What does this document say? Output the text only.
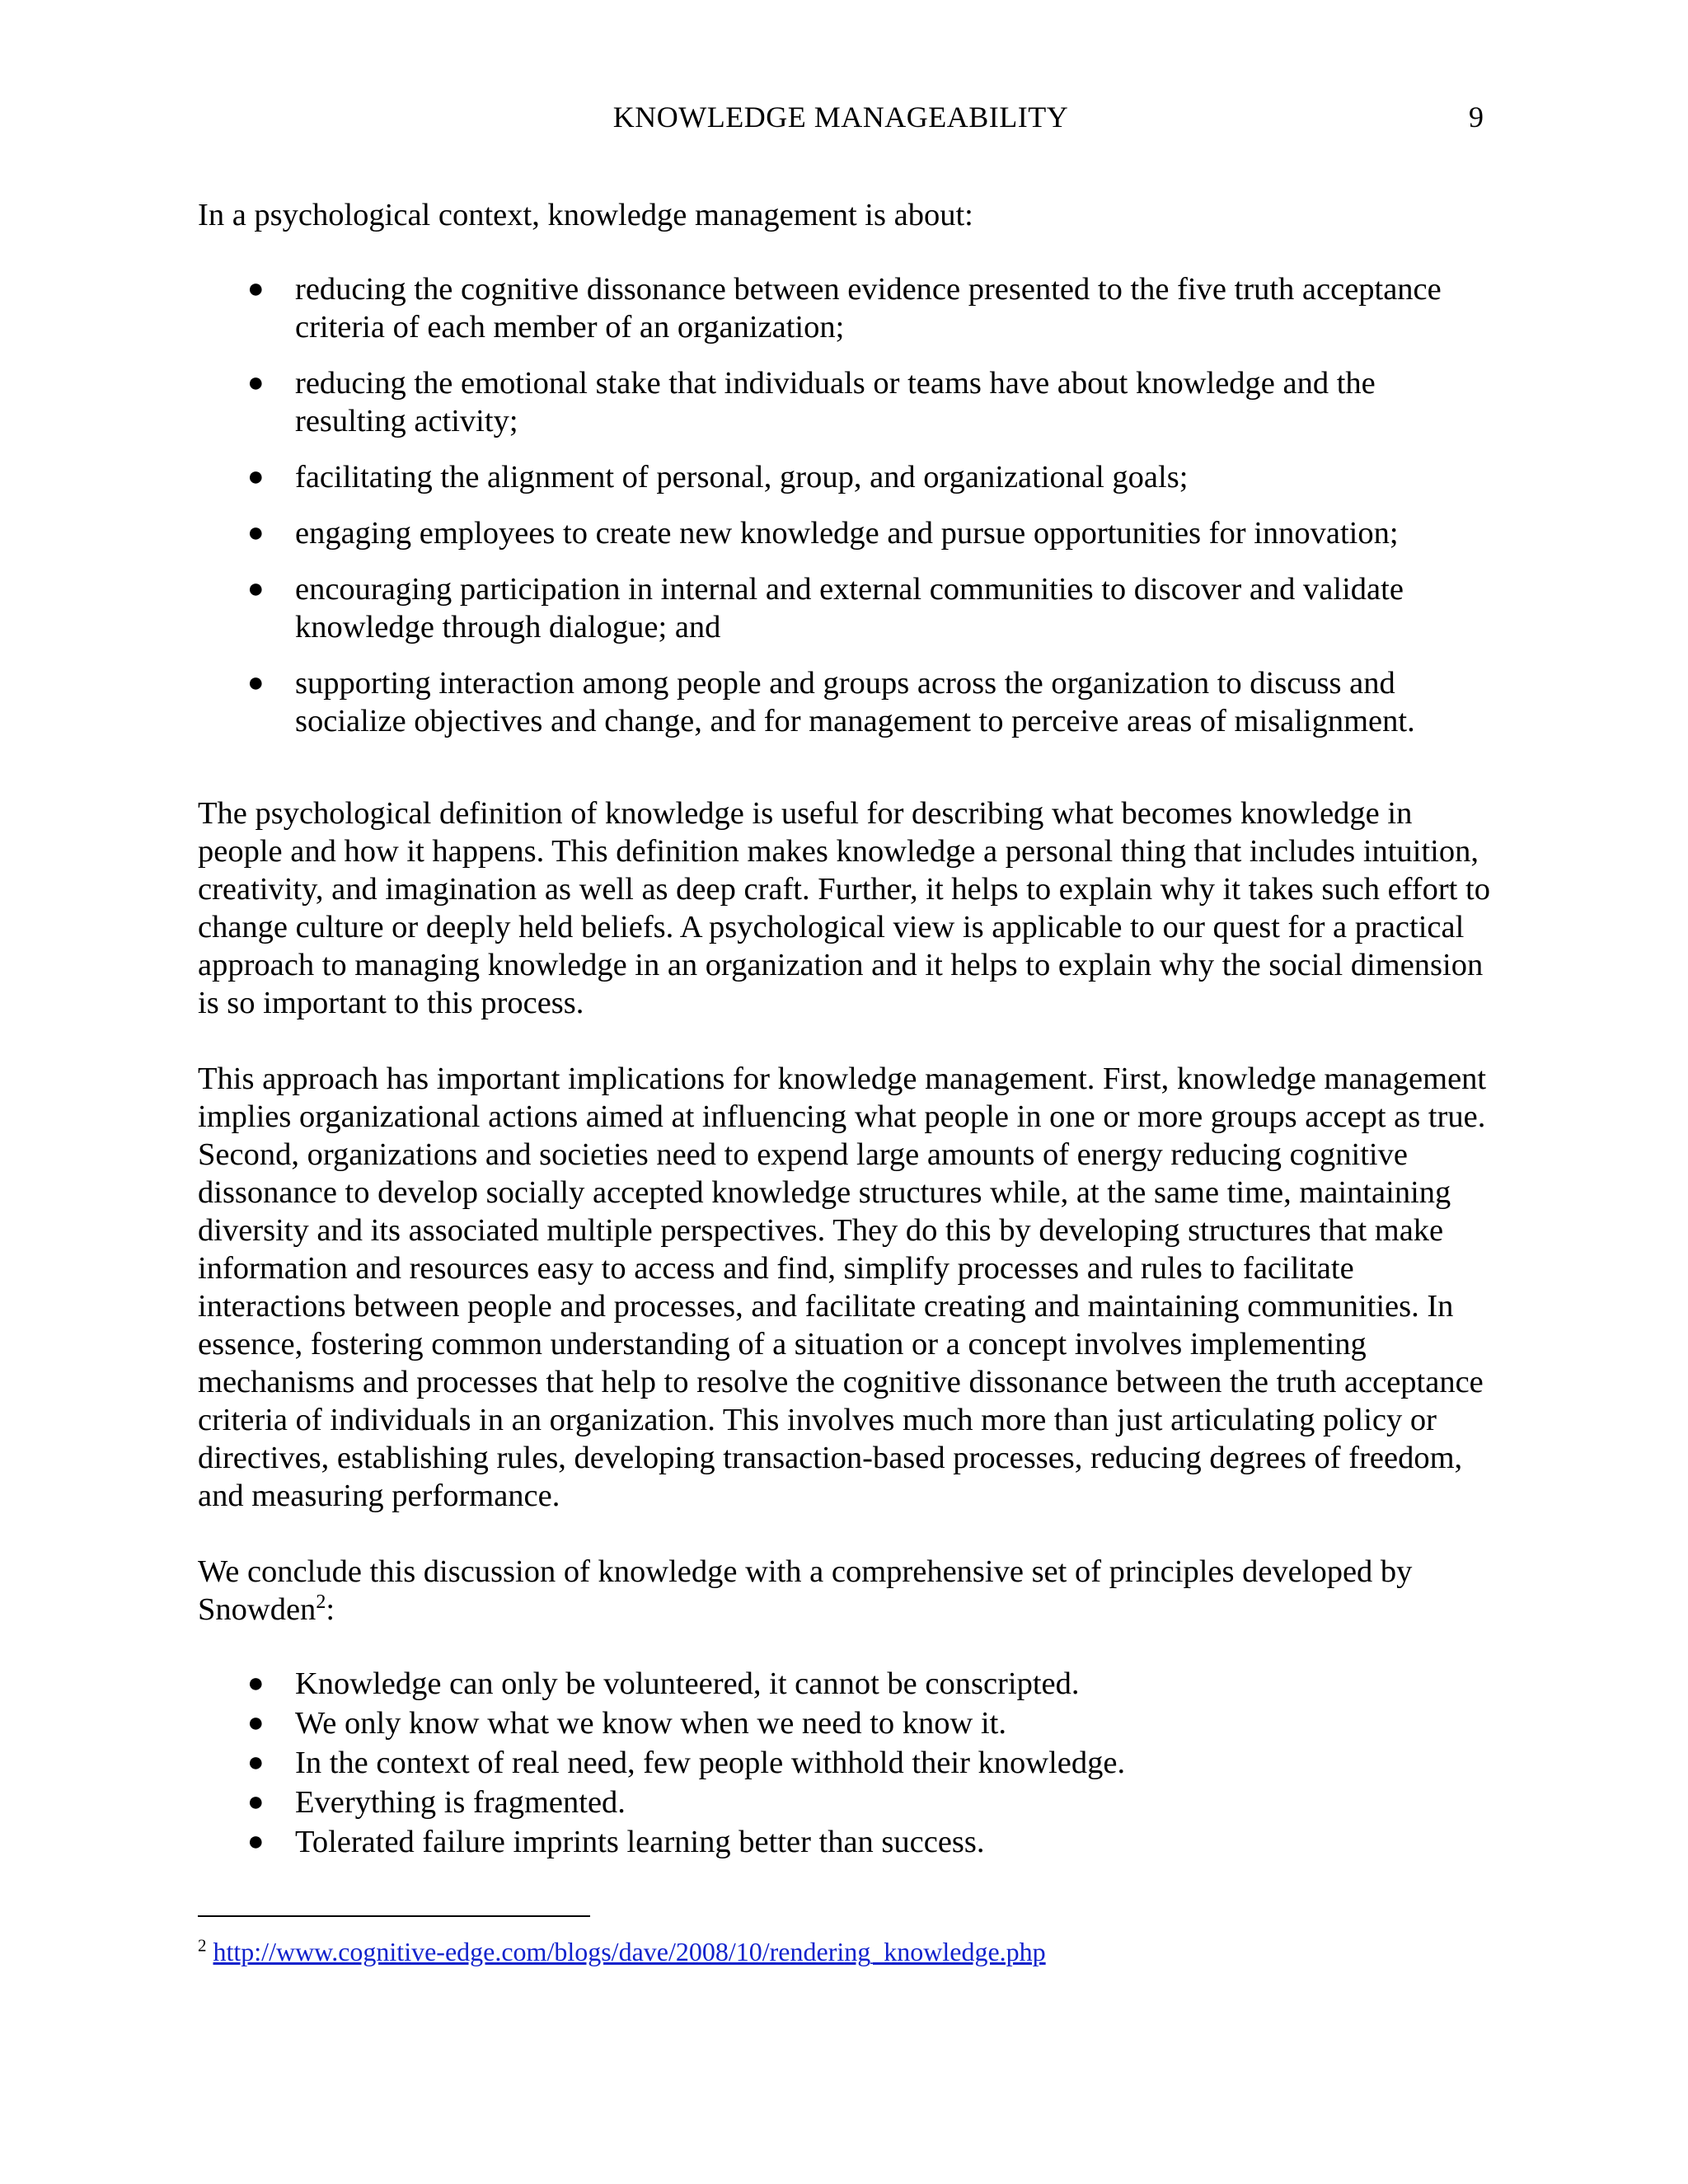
KNOWLEDGE MANAGEABILITY	9

In a psychological context, knowledge management is about:

● reducing the cognitive dissonance between evidence presented to the five truth acceptance criteria of each member of an organization;
● reducing the emotional stake that individuals or teams have about knowledge and the resulting activity;
● facilitating the alignment of personal, group, and organizational goals;
● engaging employees to create new knowledge and pursue opportunities for innovation;
● encouraging participation in internal and external communities to discover and validate knowledge through dialogue; and
● supporting interaction among people and groups across the organization to discuss and socialize objectives and change, and for management to perceive areas of misalignment.

The psychological definition of knowledge is useful for describing what becomes knowledge in people and how it happens. This definition makes knowledge a personal thing that includes intuition, creativity, and imagination as well as deep craft. Further, it helps to explain why it takes such effort to change culture or deeply held beliefs. A psychological view is applicable to our quest for a practical approach to managing knowledge in an organization and it helps to explain why the social dimension is so important to this process.

This approach has important implications for knowledge management. First, knowledge management implies organizational actions aimed at influencing what people in one or more groups accept as true. Second, organizations and societies need to expend large amounts of energy reducing cognitive dissonance to develop socially accepted knowledge structures while, at the same time, maintaining diversity and its associated multiple perspectives. They do this by developing structures that make information and resources easy to access and find, simplify processes and rules to facilitate interactions between people and processes, and facilitate creating and maintaining communities. In essence, fostering common understanding of a situation or a concept involves implementing mechanisms and processes that help to resolve the cognitive dissonance between the truth acceptance criteria of individuals in an organization. This involves much more than just articulating policy or directives, establishing rules, developing transaction-based processes, reducing degrees of freedom, and measuring performance.

We conclude this discussion of knowledge with a comprehensive set of principles developed by Snowden$^2$:

● Knowledge can only be volunteered, it cannot be conscripted.
● We only know what we know when we need to know it.
● In the context of real need, few people withhold their knowledge.
● Everything is fragmented.
● Tolerated failure imprints learning better than success.
$^2$ http://www.cognitive-edge.com/blogs/dave/2008/10/rendering_knowledge.php
